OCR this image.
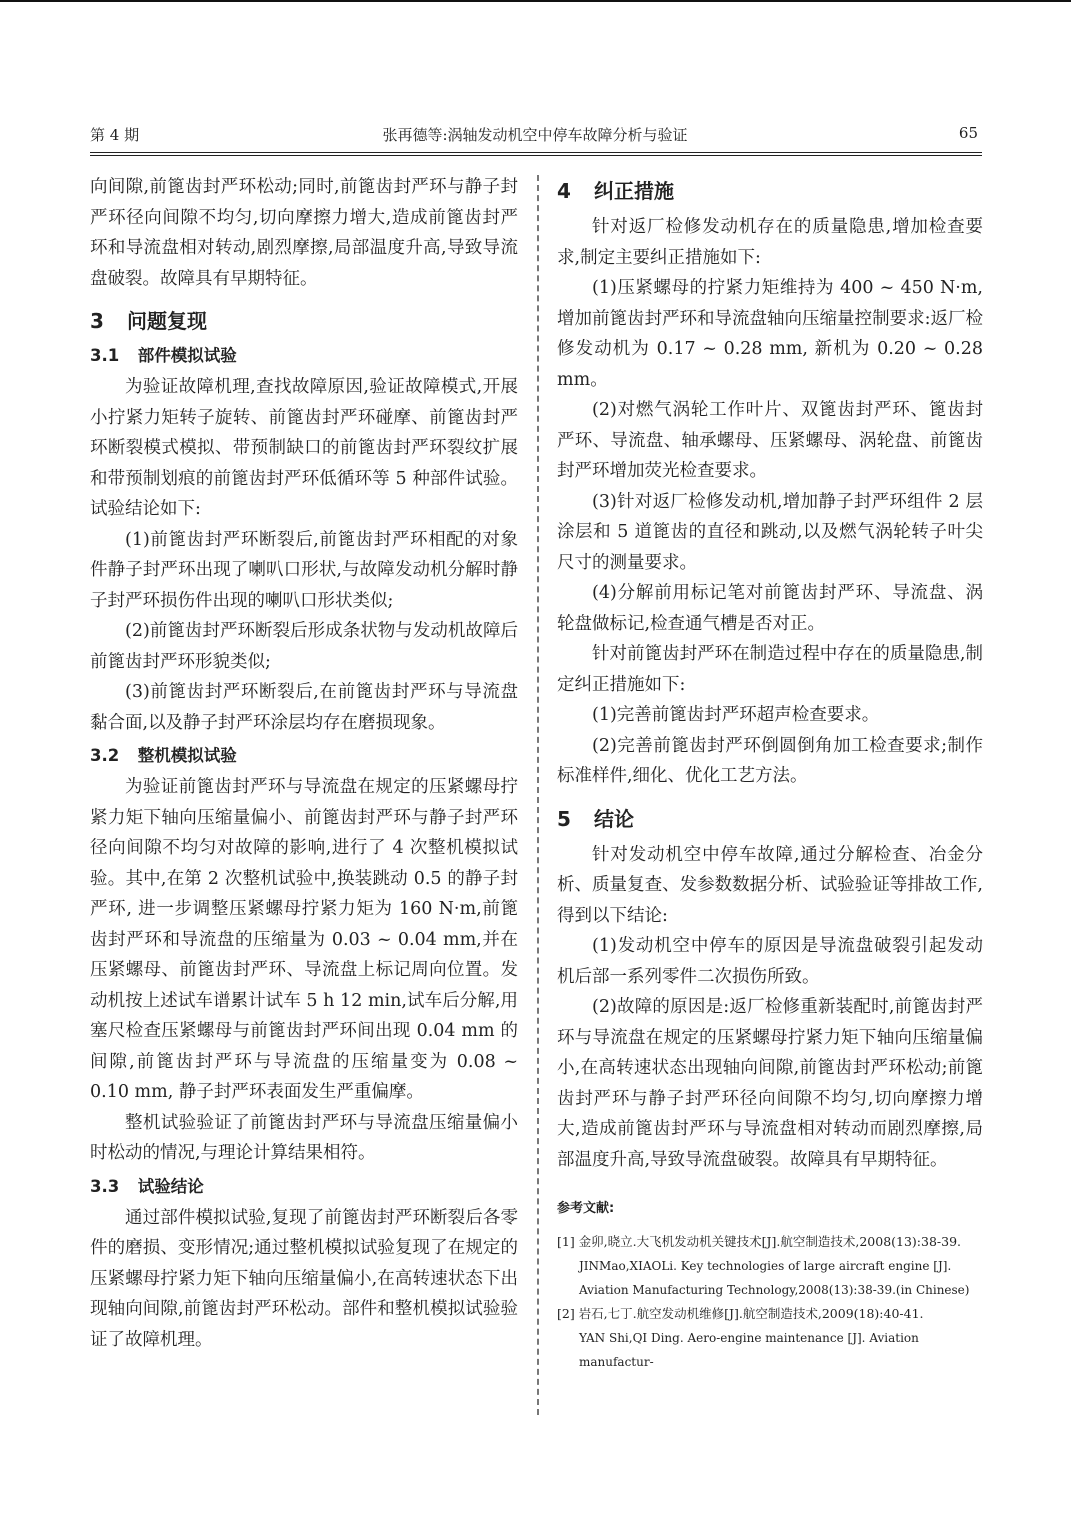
第 4 期	张再德等:涡轴发动机空中停车故障分析与验证	65

向间隙,前篦齿封严环松动;同时,前篦齿封严环与静子封严环径向间隙不均匀,切向摩擦力增大,造成前篦齿封严环和导流盘相对转动,剧烈摩擦,局部温度升高,导致导流盘破裂。故障具有早期特征。

3 问题复现
3.1 部件模拟试验

为验证故障机理,查找故障原因,验证故障模式,开展小拧紧力矩转子旋转、前篦齿封严环碰摩、前篦齿封严环断裂模式模拟、带预制缺口的前篦齿封严环裂纹扩展和带预制划痕的前篦齿封严环低循环等 5 种部件试验。试验结论如下:

(1)前篦齿封严环断裂后,前篦齿封严环相配的对象件静子封严环出现了喇叭口形状,与故障发动机分解时静子封严环损伤件出现的喇叭口形状类似;

(2)前篦齿封严环断裂后形成条状物与发动机故障后前篦齿封严环形貌类似;

(3)前篦齿封严环断裂后,在前篦齿封严环与导流盘黏合面,以及静子封严环涂层均存在磨损现象。

3.2 整机模拟试验

为验证前篦齿封严环与导流盘在规定的压紧螺母拧紧力矩下轴向压缩量偏小、前篦齿封严环与静子封严环径向间隙不均匀对故障的影响,进行了 4 次整机模拟试验。其中,在第 2 次整机试验中,换装跳动 0.5 的静子封严环, 进一步调整压紧螺母拧紧力矩为 160 N·m,前篦齿封严环和导流盘的压缩量为 0.03 ~ 0.04 mm,并在压紧螺母、前篦齿封严环、导流盘上标记周向位置。发动机按上述试车谱累计试车 5 h 12 min,试车后分解,用塞尺检查压紧螺母与前篦齿封严环间出现 0.04 mm 的间隙,前篦齿封严环与导流盘的压缩量变为 0.08 ~ 0.10 mm, 静子封严环表面发生严重偏摩。

整机试验验证了前篦齿封严环与导流盘压缩量偏小时松动的情况,与理论计算结果相符。

3.3 试验结论

通过部件模拟试验,复现了前篦齿封严环断裂后各零件的磨损、变形情况;通过整机模拟试验复现了在规定的压紧螺母拧紧力矩下轴向压缩量偏小,在高转速状态下出现轴向间隙,前篦齿封严环松动。部件和整机模拟试验验证了故障机理。

4 纠正措施

针对返厂检修发动机存在的质量隐患,增加检查要求,制定主要纠正措施如下:

(1)压紧螺母的拧紧力矩维持为 400 ~ 450 N·m,增加前篦齿封严环和导流盘轴向压缩量控制要求:返厂检修发动机为 0.17 ~ 0.28 mm, 新机为 0.20 ~ 0.28 mm。

(2)对燃气涡轮工作叶片、双篦齿封严环、篦齿封严环、导流盘、轴承螺母、压紧螺母、涡轮盘、前篦齿封严环增加荧光检查要求。

(3)针对返厂检修发动机,增加静子封严环组件 2 层涂层和 5 道篦齿的直径和跳动,以及燃气涡轮转子叶尖尺寸的测量要求。

(4)分解前用标记笔对前篦齿封严环、导流盘、涡轮盘做标记,检查通气槽是否对正。

针对前篦齿封严环在制造过程中存在的质量隐患,制定纠正措施如下:

(1)完善前篦齿封严环超声检查要求。

(2)完善前篦齿封严环倒圆倒角加工检查要求;制作标准样件,细化、优化工艺方法。

5 结论

针对发动机空中停车故障,通过分解检查、冶金分析、质量复查、发参数数据分析、试验验证等排故工作,得到以下结论:

(1)发动机空中停车的原因是导流盘破裂引起发动机后部一系列零件二次损伤所致。

(2)故障的原因是:返厂检修重新装配时,前篦齿封严环与导流盘在规定的压紧螺母拧紧力矩下轴向压缩量偏小,在高转速状态出现轴向间隙,前篦齿封严环松动;前篦齿封严环与静子封严环径向间隙不均匀,切向摩擦力增大,造成前篦齿封严环与导流盘相对转动而剧烈摩擦,局部温度升高,导致导流盘破裂。故障具有早期特征。

参考文献:

[1] 金卯,晓立.大飞机发动机关键技术[J].航空制造技术,2008(13):38-39.

JINMao,XIAOLi. Key technologies of large aircraft engine [J]. Aviation Manufacturing Technology,2008(13):38-39.(in Chinese)

[2] 岩石,七丁.航空发动机维修[J].航空制造技术,2009(18):40-41.

YAN Shi,QI Ding. Aero-engine maintenance [J]. Aviation manufactur-
